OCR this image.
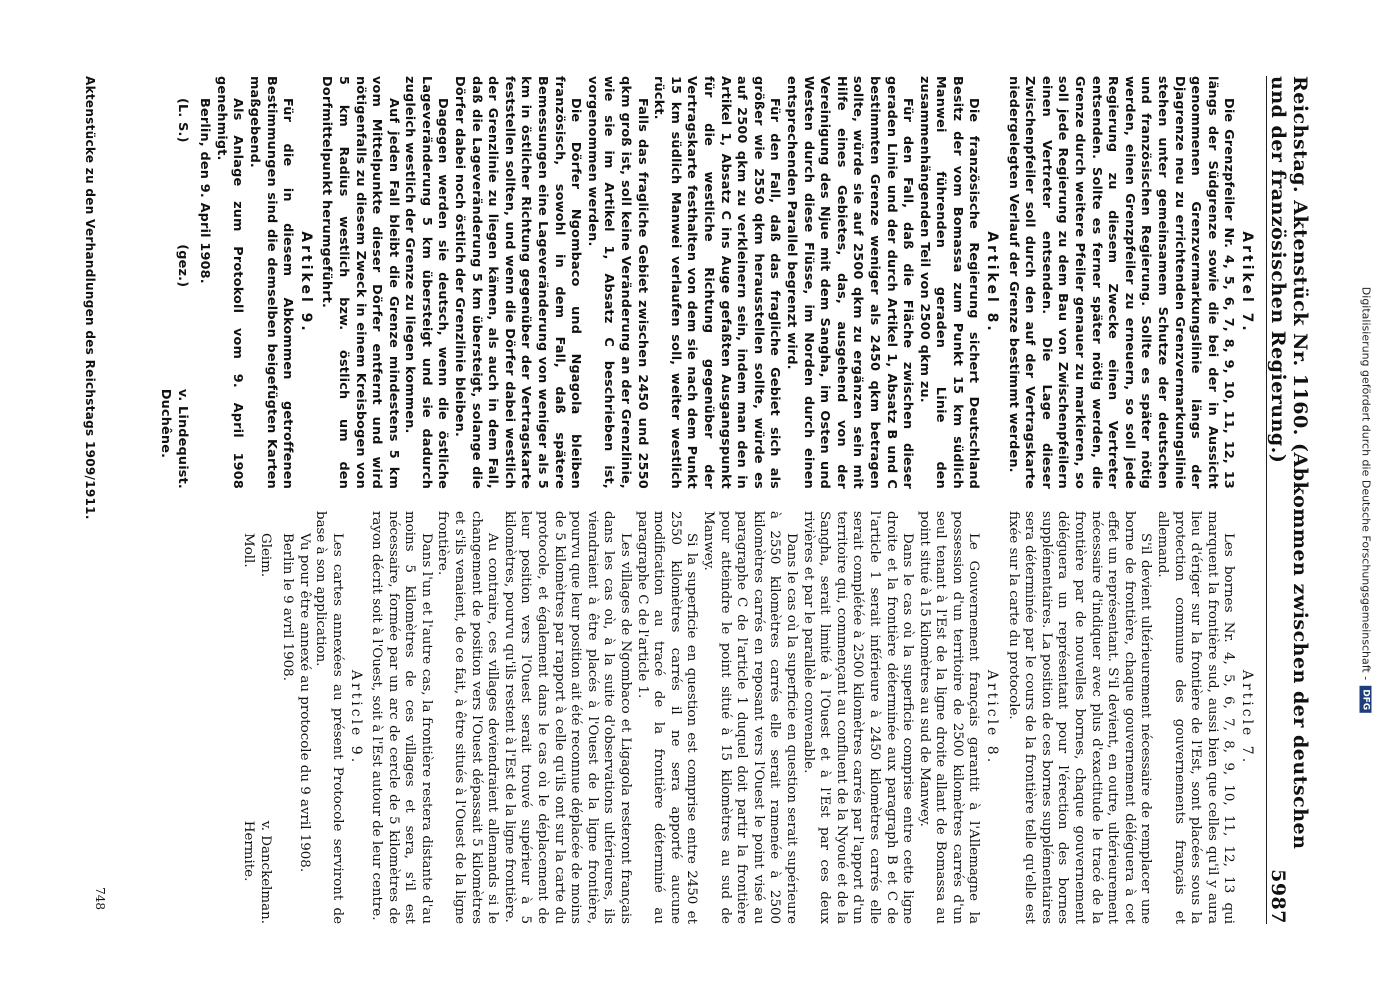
Reichstag. Aktenstück Nr. 1160. (Abkommen zwischen der deutschen und der französischen Regierung.)
5987
Artikel 7.

Die Grenzpfeiler Nr. 4, 5, 6, 7, 8, 9, 10, 11, 12, 13 längs der Südgrenze sowie die bei der in Aussicht genommenen Grenzvermarkungslinie längs der Djagrenze neu zu errichtenden Grenzvermarkungslinie stehen unter gemeinsamem Schutze der deutschen und französischen Regierung. Sollte es später nötig werden, einen Grenzpfeiler zu erneuern, so soll jede Regierung zu diesem Zwecke einen Vertreter entsenden. Sollte es ferner später nötig werden, die Grenze durch weitere Pfeiler genauer zu markieren, so soll jede Regierung zu dem Bau von Zwischenpfeilern einen Vertreter entsenden. Die Lage dieser Zwischenpfeiler soll durch den auf der Vertragskarte niedergelegten Verlauf der Grenze bestimmt werden.

Artikel 8.

Die französische Regierung sichert Deutschland Besitz der vom Bomassa zum Punkt 15 km südlich Manwei führenden geraden Linie den zusammenhängenden Teil von 2500 qkm zu.

Für den Fall, daß die Fläche zwischen dieser geraden Linie und der durch Artikel 1, Absatz B und C bestimmten Grenze weniger als 2450 qkm betragen sollte, würde sie auf 2500 qkm zu ergänzen sein mit Hilfe eines Gebietes, das, ausgehend von der Vereinigung des Njue mit dem Sangha, im Osten und Westen durch diese Flüsse, im Norden durch einen entsprechenden Parallel begrenzt wird.

Für den Fall, daß das fragliche Gebiet sich als größer wie 2550 qkm herausstellen sollte, würde es auf 2500 qkm zu verkleinern sein, indem man den in Artikel 1, Absatz C ins Auge gefaßten Ausgangspunkt für die westliche Richtung gegenüber der Vertragskarte festhalten von dem sie nach dem Punkt 15 km südlich Manwei verlaufen soll, weiter westlich rückt.

Falls das fragliche Gebiet zwischen 2450 und 2550 qkm groß ist, soll keine Veränderung an der Grenzlinie, wie sie im Artikel 1, Absatz C beschrieben ist, vorgenommen werden.

Die Dörfer Ngombaco und Ngagola bleiben französisch, sowohl in dem Fall, daß spätere Bemessungen eine Lageveränderung von weniger als 5 km in östlicher Richtung gegenüber der Vertragskarte feststellen sollten, und wenn die Dörfer dabei westlich der Grenzlinie zu liegen kämen, als auch in dem Fall, daß die Lageveränderung 5 km übersteigt, solange die Dörfer dabei noch östlich der Grenzlinie bleiben.

Dagegen werden sie deutsch, wenn die östliche Lageveränderung 5 km übersteigt und sie dadurch zugleich westlich der Grenze zu liegen kommen.

Auf jeden Fall bleibt die Grenze mindestens 5 km vom Mittelpunkte dieser Dörfer entfernt und wird nötigenfalls zu diesem Zweck in einem Kreisbogen von 5 km Radius westlich bzw. östlich um den Dorfmittelpunkt herumgeführt.

Artikel 9.

Für die in diesem Abkommen getroffenen Bestimmungen sind die demselben beigefügten Karten maßgebend.

Als Anlage zum Protokoll vom 9. April 1908 genehmigt.

Berlin, den 9. April 1908.

(L. S.)
(gez.)
v. Lindequist.
Duchêne.
Article 7.

Les bornes Nr. 4, 5, 6, 7, 8, 9, 10, 11, 12, 13 qui marquent la frontière sud, aussi bien que celles qu'il y aura lieu d'ériger sur la frontière de l'Est, sont placées sous la protection commune des gouvernements français et allemand.

S'il devient ultérieurement nécessaire de remplacer une borne de frontière, chaque gouvernement déléguera à cet effet un représentant. S'il devient, en outre, ultérieurement nécessaire d'indiquer avec plus d'exactitude le tracé de la frontière par de nouvelles bornes, chaque gouvernement déléguera un représentant pour l'érection des bornes supplémentaires. La position de ces bornes supplémentaires sera déterminée par le cours de la frontière telle qu'elle est fixée sur la carte du protocole.

Article 8.

Le Gouvernement français garantit à l'Allemagne la possession d'un territoire de 2500 kilomètres carrés d'un seul tenant à l'Est de la ligne droite allant de Bomassa au point situé à 15 kilomètres au sud de Manwey.

Dans le cas où la superficie comprise entre cette ligne droite et la frontière déterminée aux paragraph B et C de l'article 1 serait inférieure à 2450 kilomètres carrés elle serait complétée à 2500 kilomètres carrés par l'apport d'un territoire qui, commençant au confluent de la Nyoué et de la Sangha, serait limité à l'Ouest et à l'Est par ces deux rivières et par le parallèle convenable.

Dans le cas où la superficie en question serait supérieure à 2550 kilomètres carrés elle serait ramenée à 2500 kilomètres carrés en reposant vers l'Ouest le point visé au paragraphe C de l'article 1 duquel doit partir la frontière pour atteindre le point situé à 15 kilomètres au sud de Manwey.

Si la superficie en question est comprise entre 2450 et 2550 kilomètres carrés il ne sera apporté aucune modification au tracé de la frontière déterminé au paragraphe C de l'article 1.

Les villages de Ngombaco et Ligagola resteront français dans les cas où, à la suite d'observations ultérieures, ils viendraient à être placés à l'Ouest de la ligne frontière, pourvu que leur position ait été reconnue déplacée de moins de 5 kilomètres par rapport à celle qu'ils ont sur la carte du protocole, et également dans le cas où le déplacement de leur position vers l'Ouest serait trouvé supérieur à 5 kilomètres, pourvu qu'ils restent à l'Est de la ligne frontière.

Au contraire, ces villages deviendraient allemands si le changement de position vers l'Ouest dépassait 5 kilomètres et s'ils venaient, de ce fait, à être situés à l'Ouest de la ligne frontière.

Dans l'un et l'autre cas, la frontière restera distante d'au moins 5 kilomètres de ces villages et sera, s'il est nécessaire, formée par un arc de cercle de 5 kilomètres de rayon décrit soit à l'Ouest, soit à l'Est autour de leur centre.

Article 9.

Les cartes annexées au présent Protocole serviront de base à son application.

Vu pour être annexé au protocole du 9 avril 1908.

Berlin le 9 avril 1908.

Gleim.
Moll.
v. Danckelman.
Hermite.
Aktenstücke zu den Verhandlungen des Reichstags 1909/1911.
748
Digitalisierung gefördert durch die Deutsche Forschungsgemeinschaft -
DFG
